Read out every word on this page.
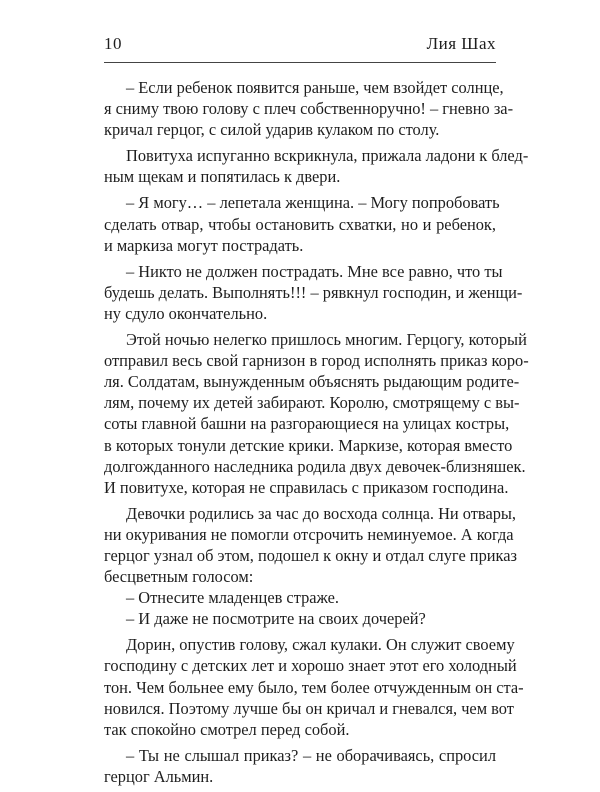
10	Лия Шах

– Если ребенок появится раньше, чем взойдет солнце,
я сниму твою голову с плеч собственноручно! – гневно за-
кричал герцог, с силой ударив кулаком по столу.

Повитуха испуганно вскрикнула, прижала ладони к блед-
ным щекам и попятилась к двери.

– Я могу… – лепетала женщина. – Могу попробовать
сделать отвар, чтобы остановить схватки, но и ребенок,
и маркиза могут пострадать.

– Никто не должен пострадать. Мне все равно, что ты
будешь делать. Выполнять!!! – рявкнул господин, и женщи-
ну сдуло окончательно.

Этой ночью нелегко пришлось многим. Герцогу, который
отправил весь свой гарнизон в город исполнять приказ коро-
ля. Солдатам, вынужденным объяснять рыдающим родите-
лям, почему их детей забирают. Королю, смотрящему с вы-
соты главной башни на разгорающиеся на улицах костры,
в которых тонули детские крики. Маркизе, которая вместо
долгожданного наследника родила двух девочек-близняшек.
И повитухе, которая не справилась с приказом господина.

Девочки родились за час до восхода солнца. Ни отвары,
ни окуривания не помогли отсрочить неминуемое. А когда
герцог узнал об этом, подошел к окну и отдал слуге приказ
бесцветным голосом:

– Отнесите младенцев страже.

– И даже не посмотрите на своих дочерей?

Дорин, опустив голову, сжал кулаки. Он служит своему
господину с детских лет и хорошо знает этот его холодный
тон. Чем больнее ему было, тем более отчужденным он ста-
новился. Поэтому лучше бы он кричал и гневался, чем вот
так спокойно смотрел перед собой.

– Ты не слышал приказ? – не оборачиваясь, спросил
герцог Альмин.
